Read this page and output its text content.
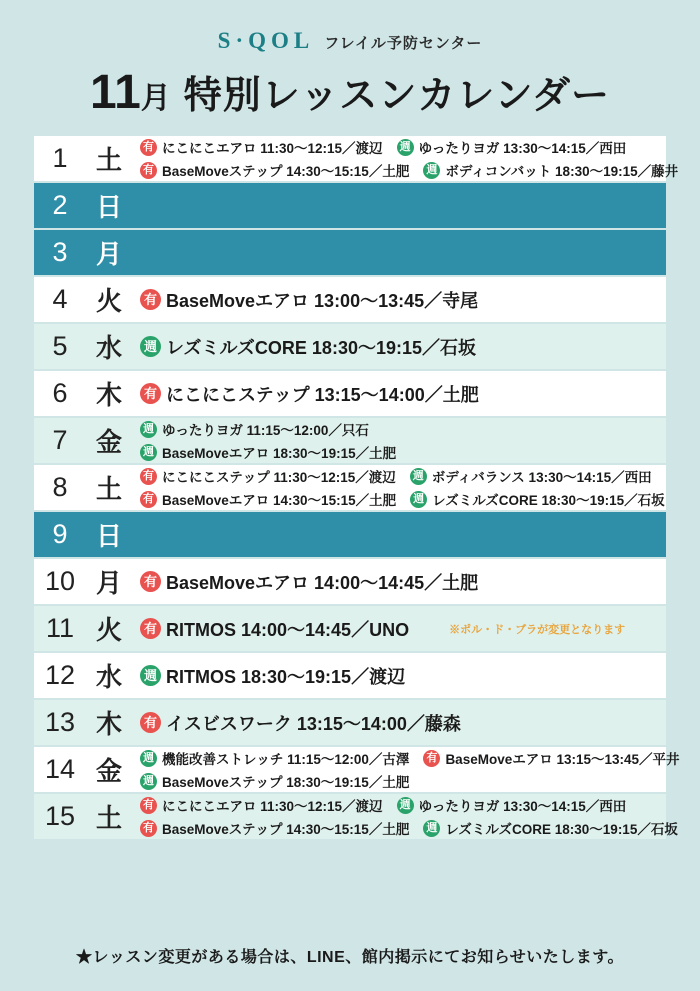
S·QOL フレイル予防センター
11 月 特別レッスンカレンダー
1	土	有 にこにこエアロ 11:30〜12:15／渡辺 週 ゆったりヨガ 13:30〜14:15／西田
有 BaseMoveステップ 14:30〜15:15／土肥 週 ボディコンバット 18:30〜19:15／藤井

2	日	

3	月	

4	火	有 BaseMoveエアロ 13:00〜13:45／寺尾

5	水	週 レズミルズCORE 18:30〜19:15／石坂

6	木	有 にこにこステップ 13:15〜14:00／土肥

7	金	週 ゆったりヨガ 11:15〜12:00／只石
週 BaseMoveエアロ 18:30〜19:15／土肥

8	土	有 にこにこステップ 11:30〜12:15／渡辺 週 ボディバランス 13:30〜14:15／西田
有 BaseMoveエアロ 14:30〜15:15／土肥 週 レズミルズCORE 18:30〜19:15／石坂

9	日	

10	月	有 BaseMoveエアロ 14:00〜14:45／土肥

11	火	有 RITMOS 14:00〜14:45／UNO ※ポル・ド・ブラが変更となります

12	水	週 RITMOS 18:30〜19:15／渡辺

13	木	有 イスビスワーク 13:15〜14:00／藤森

14	金	週 機能改善ストレッチ 11:15〜12:00／古澤 有 BaseMoveエアロ 13:15〜13:45／平井
週 BaseMoveステップ 18:30〜19:15／土肥

15	土	有 にこにこエアロ 11:30〜12:15／渡辺 週 ゆったりヨガ 13:30〜14:15／西田
有 BaseMoveステップ 14:30〜15:15／土肥 週 レズミルズCORE 18:30〜19:15／石坂
★レッスン変更がある場合は、LINE、館内掲示にてお知らせいたします。
